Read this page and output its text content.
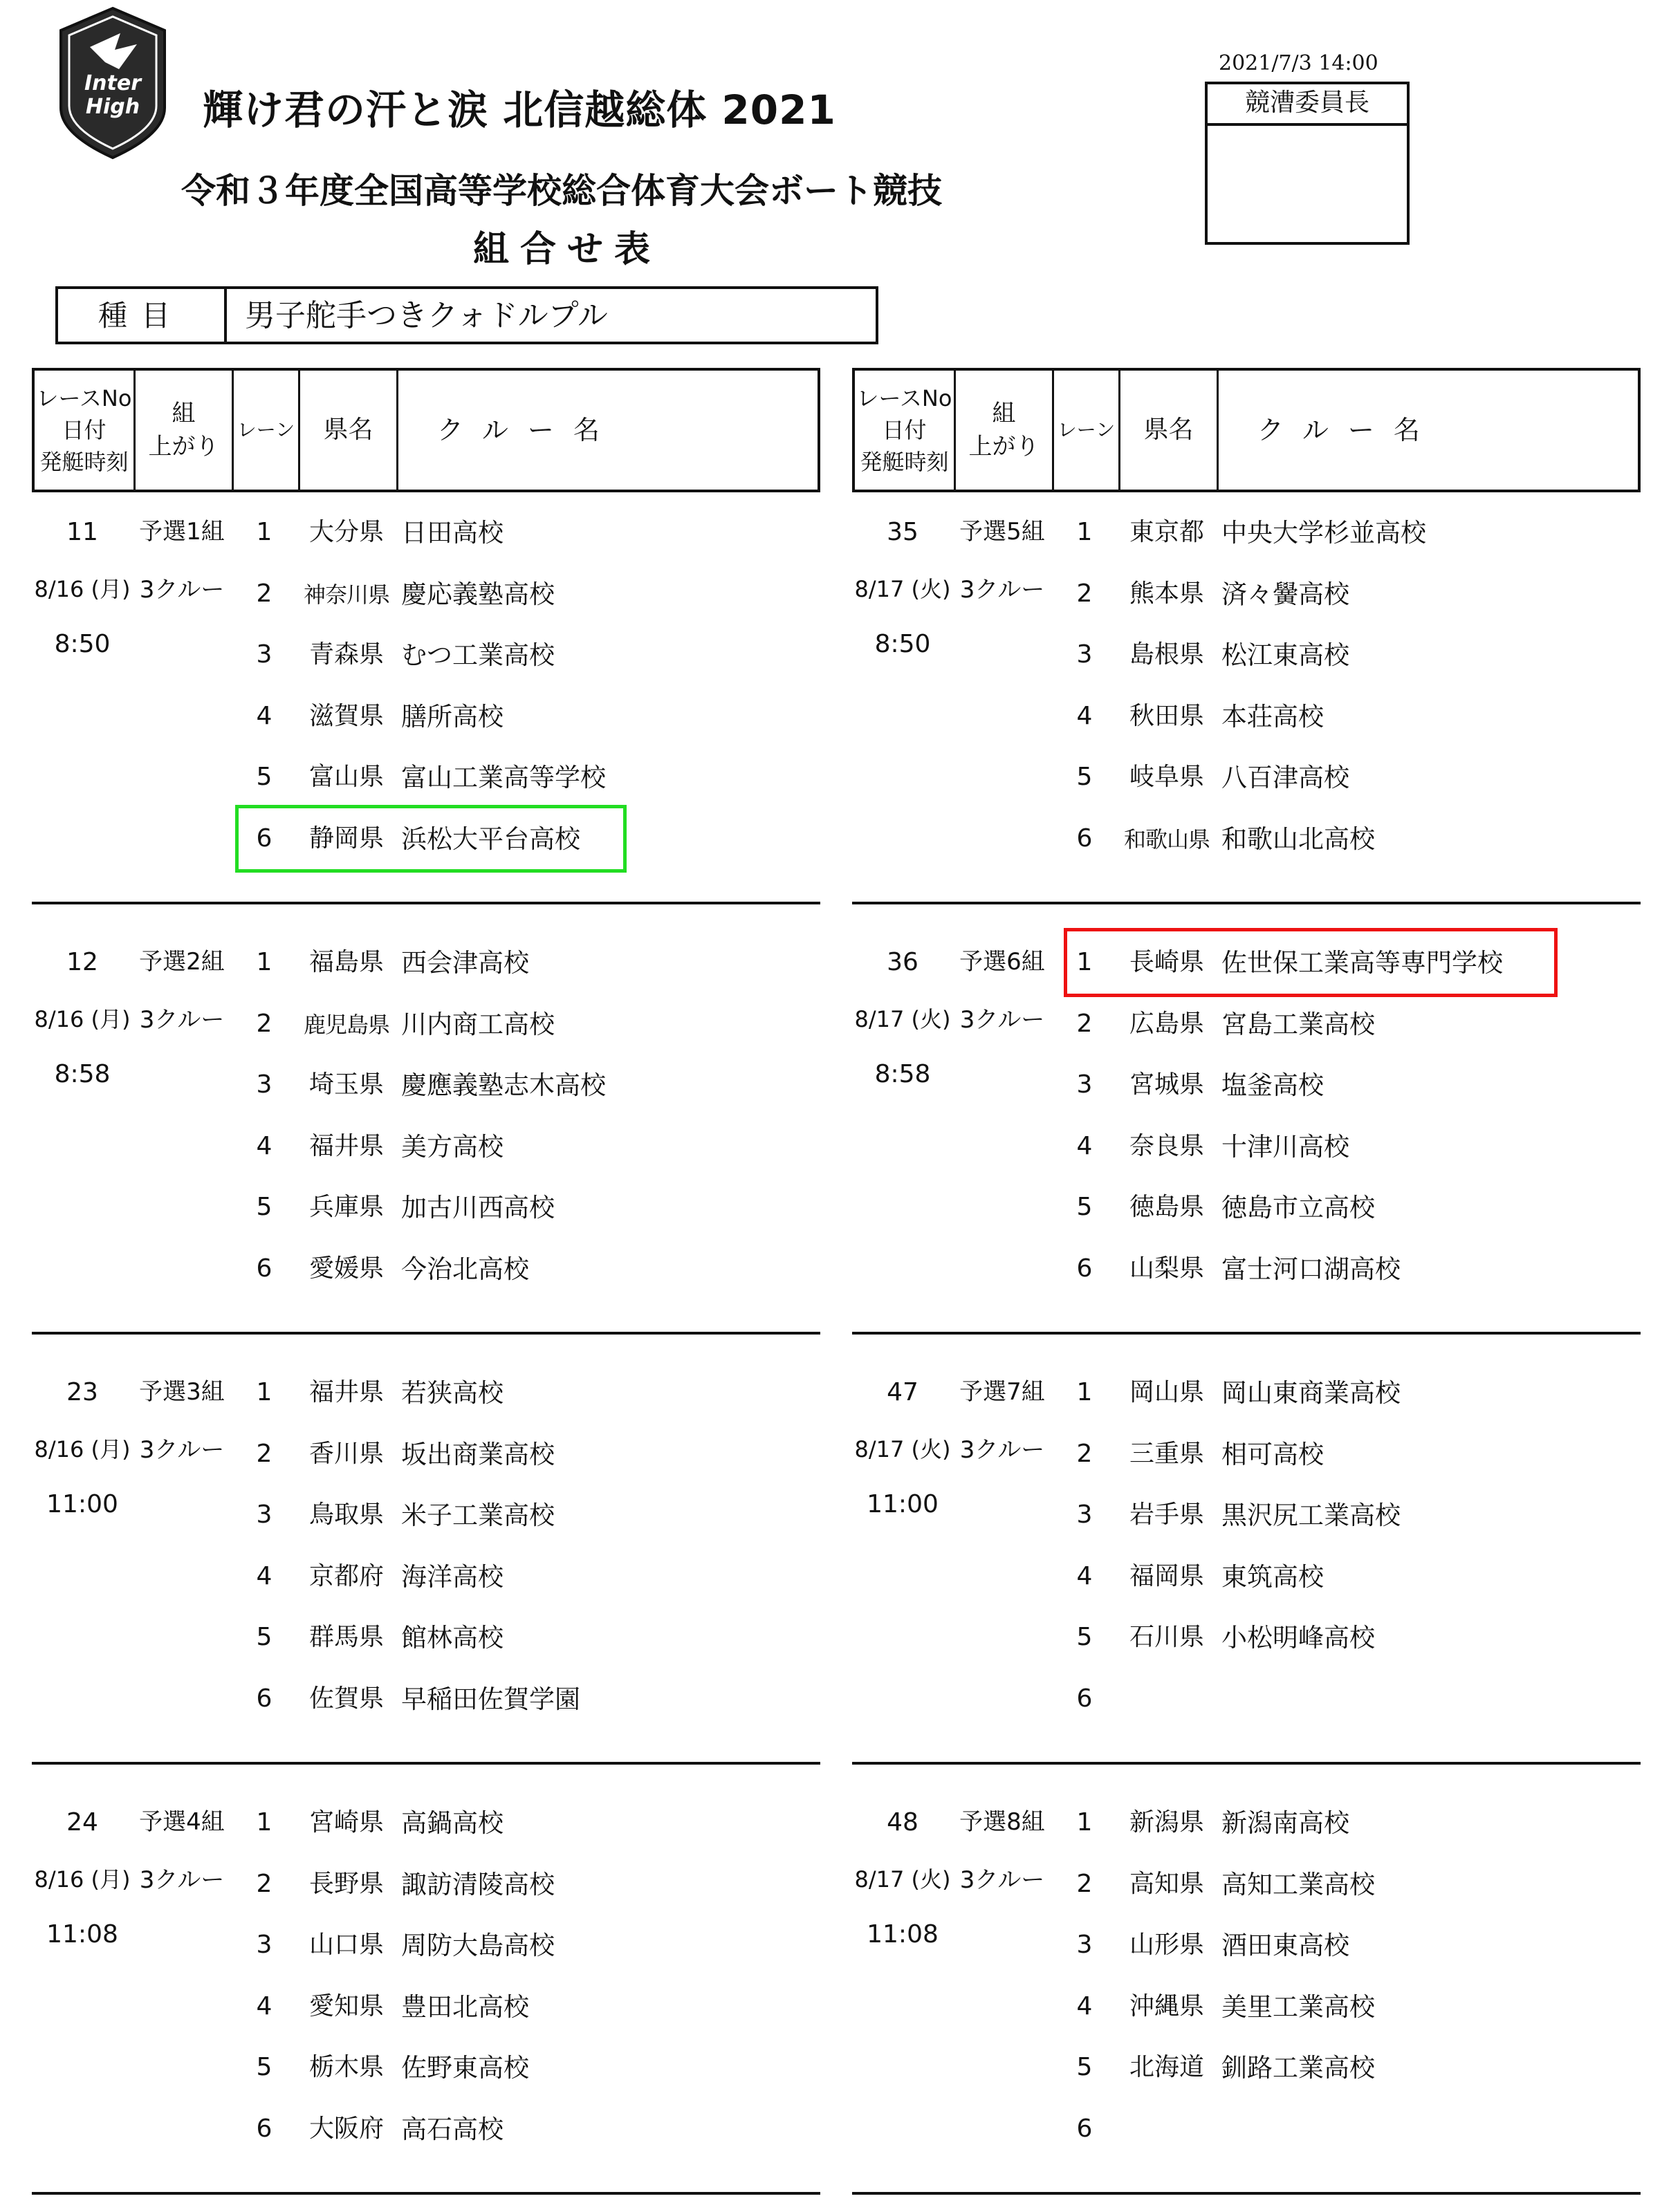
Inter
High 輝け君の汗と涙 北信越総体 2021
令和３年度全国高等学校総合体育大会ボート競技
組合せ表
2021/7/3 14:00
競漕委員長
種目	男子舵手つきクォドルプル
レースNo
日付
発艇時刻
組
上がり
レーン 県名 クルー名
レースNo
日付
発艇時刻
組
上がり
レーン 県名 クルー名
11
8/16 (月)
8:50
予選1組
3クルー
1	大分県 日田高校
2	神奈川県 慶応義塾高校
3	青森県 むつ工業高校
4	滋賀県 膳所高校
5	富山県 富山工業高等学校
6	静岡県 浜松大平台高校
12
8/16 (月)
8:58
予選2組
3クルー
1	福島県 西会津高校
2	鹿児島県 川内商工高校
3	埼玉県 慶應義塾志木高校
4	福井県 美方高校
5	兵庫県 加古川西高校
6	愛媛県 今治北高校
23
8/16 (月)
11:00
予選3組
3クルー
1	福井県 若狭高校
2	香川県 坂出商業高校
3	鳥取県 米子工業高校
4	京都府 海洋高校
5	群馬県 館林高校
6	佐賀県 早稲田佐賀学園
24
8/16 (月)
11:08
予選4組
3クルー
1	宮崎県 高鍋高校
2	長野県 諏訪清陵高校
3	山口県 周防大島高校
4	愛知県 豊田北高校
5	栃木県 佐野東高校
6	大阪府 高石高校
35
8/17 (火)
8:50
予選5組
3クルー
1	東京都 中央大学杉並高校
2	熊本県 済々黌高校
3	島根県 松江東高校
4	秋田県 本荘高校
5	岐阜県 八百津高校
6	和歌山県 和歌山北高校
36
8/17 (火)
8:58
予選6組
3クルー
1	長崎県 佐世保工業高等専門学校
2	広島県 宮島工業高校
3	宮城県 塩釜高校
4	奈良県 十津川高校
5	徳島県 徳島市立高校
6	山梨県 富士河口湖高校
47
8/17 (火)
11:00
予選7組
3クルー
1	岡山県 岡山東商業高校
2	三重県 相可高校
3	岩手県 黒沢尻工業高校
4	福岡県 東筑高校
5	石川県 小松明峰高校
6
48
8/17 (火)
11:08
予選8組
3クルー
1	新潟県 新潟南高校
2	高知県 高知工業高校
3	山形県 酒田東高校
4	沖縄県 美里工業高校
5	北海道 釧路工業高校
6
